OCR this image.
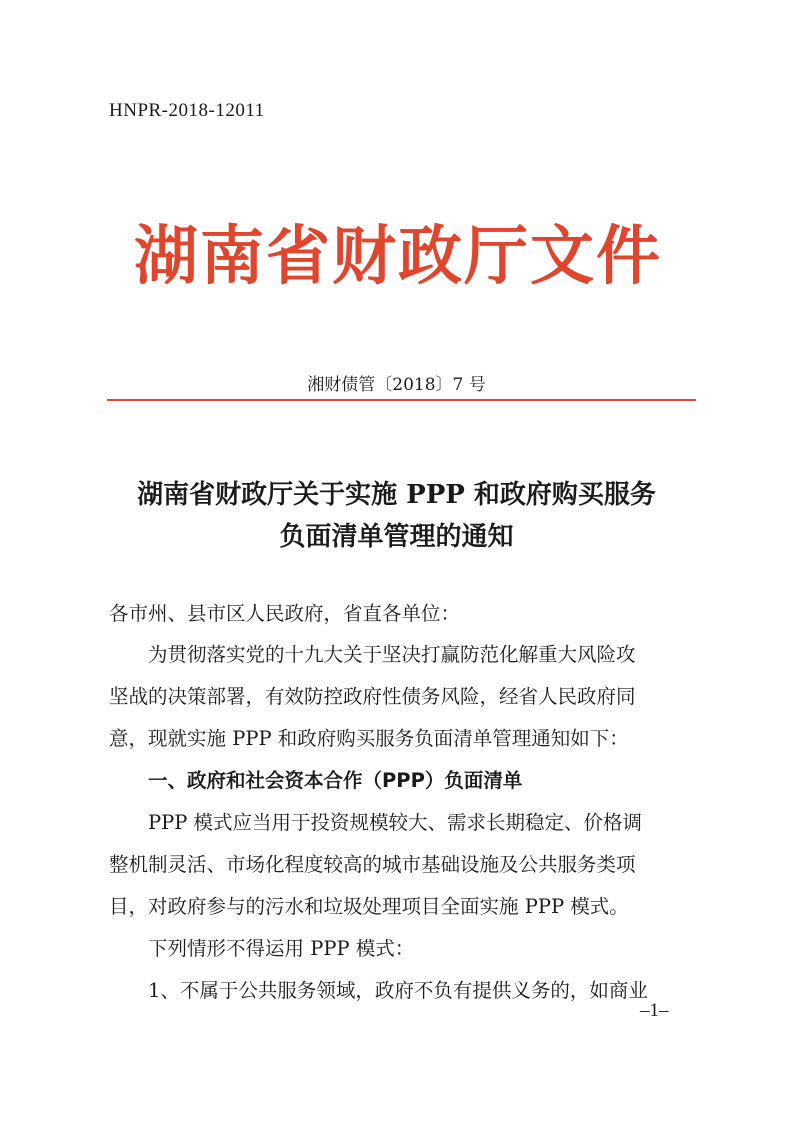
HNPR-2018-12011
湖南省财政厅文件
湘财债管〔2018〕7 号
湖南省财政厅关于实施 PPP 和政府购买服务
负面清单管理的通知
各市州、县市区人民政府，省直各单位：
为贯彻落实党的十九大关于坚决打赢防范化解重大风险攻
坚战的决策部署，有效防控政府性债务风险，经省人民政府同
意，现就实施 PPP 和政府购买服务负面清单管理通知如下：
一、政府和社会资本合作（PPP）负面清单
PPP 模式应当用于投资规模较大、需求长期稳定、价格调
整机制灵活、市场化程度较高的城市基础设施及公共服务类项
目，对政府参与的污水和垃圾处理项目全面实施 PPP 模式。
下列情形不得运用 PPP 模式：
1、不属于公共服务领域，政府不负有提供义务的，如商业
–1–
